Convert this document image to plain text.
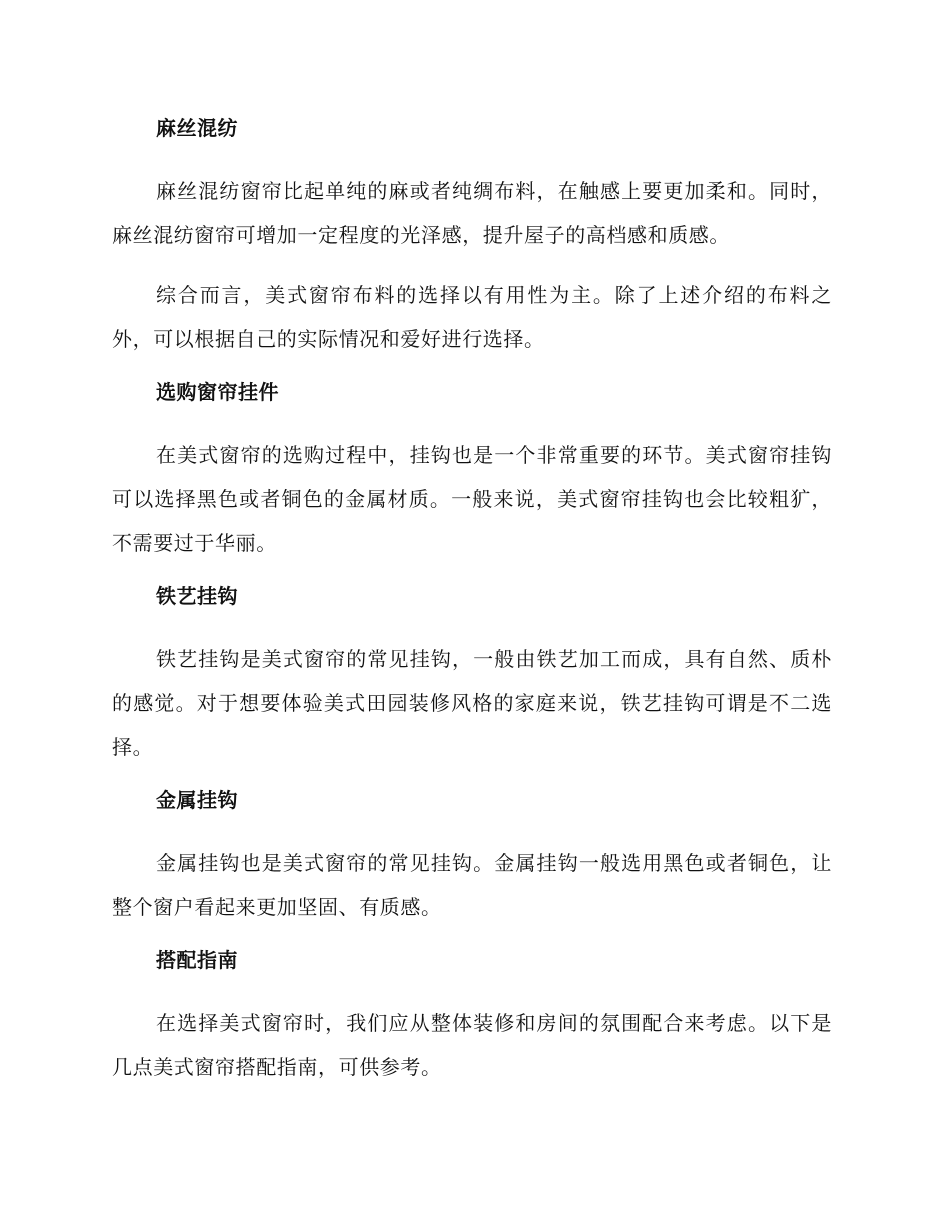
麻丝混纺

麻丝混纺窗帘比起单纯的麻或者纯绸布料，在触感上要更加柔和。同时，麻丝混纺窗帘可增加一定程度的光泽感，提升屋子的高档感和质感。

综合而言，美式窗帘布料的选择以有用性为主。除了上述介绍的布料之外，可以根据自己的实际情况和爱好进行选择。

选购窗帘挂件

在美式窗帘的选购过程中，挂钩也是一个非常重要的环节。美式窗帘挂钩可以选择黑色或者铜色的金属材质。一般来说，美式窗帘挂钩也会比较粗犷，不需要过于华丽。

铁艺挂钩

铁艺挂钩是美式窗帘的常见挂钩，一般由铁艺加工而成，具有自然、质朴的感觉。对于想要体验美式田园装修风格的家庭来说，铁艺挂钩可谓是不二选择。

金属挂钩

金属挂钩也是美式窗帘的常见挂钩。金属挂钩一般选用黑色或者铜色，让整个窗户看起来更加坚固、有质感。

搭配指南

在选择美式窗帘时，我们应从整体装修和房间的氛围配合来考虑。以下是几点美式窗帘搭配指南，可供参考。
